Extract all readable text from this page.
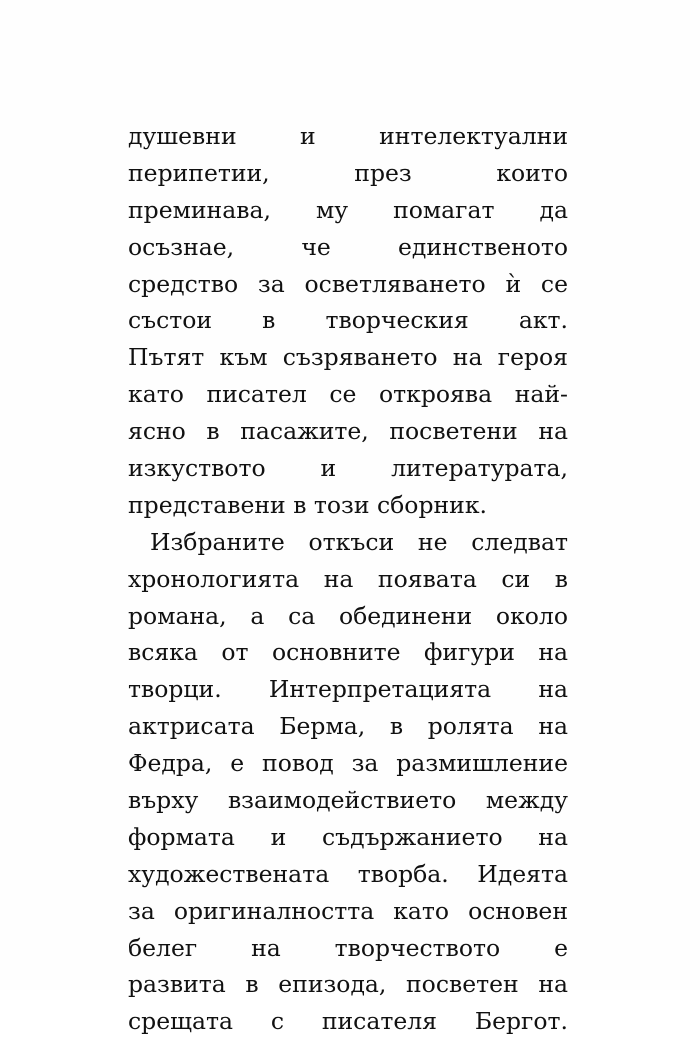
душевни и интелектуални
перипетии, през които
преминава, му помагат да
осъзнае, че единственото
средство за осветляването ѝ се
състои в творческия акт.
Пътят към съзряването на героя
като писател се откроява най-
ясно в пасажите, посветени на
изкуството и литературата,
представени в този сборник.
Избраните откъси не следват
хронологията на появата си в
романа, а са обединени около
всяка от основните фигури на
творци. Интерпретацията на
актрисата Берма, в ролята на
Федра, е повод за размишление
върху взаимодействието между
формата и съдържанието на
художествената творба. Идеята
за оригиналността като основен
белег на творчеството е
развита в епизода, посветен на
срещата с писателя Бергот.
